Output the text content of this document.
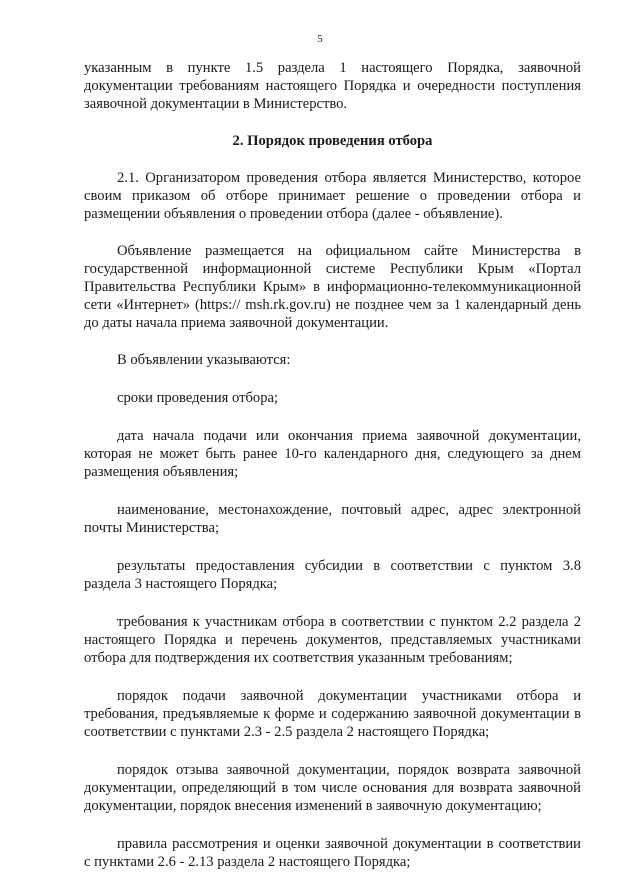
5

указанным в пункте 1.5 раздела 1 настоящего Порядка, заявочной документации требованиям настоящего Порядка и очередности поступления заявочной документации в Министерство.

2. Порядок проведения отбора

2.1. Организатором проведения отбора является Министерство, которое своим приказом об отборе принимает решение о проведении отбора и размещении объявления о проведении отбора (далее - объявление).

Объявление размещается на официальном сайте Министерства в государственной информационной системе Республики Крым «Портал Правительства Республики Крым» в информационно-телекоммуникационной сети «Интернет» (https:// msh.rk.gov.ru) не позднее чем за 1 календарный день до даты начала приема заявочной документации.

В объявлении указываются:

сроки проведения отбора;

дата начала подачи или окончания приема заявочной документации, которая не может быть ранее 10-го календарного дня, следующего за днем размещения объявления;

наименование, местонахождение, почтовый адрес, адрес электронной почты Министерства;

результаты предоставления субсидии в соответствии с пунктом 3.8 раздела 3 настоящего Порядка;

требования к участникам отбора в соответствии с пунктом 2.2 раздела 2 настоящего Порядка и перечень документов, представляемых участниками отбора для подтверждения их соответствия указанным требованиям;

порядок подачи заявочной документации участниками отбора и требования, предъявляемые к форме и содержанию заявочной документации в соответствии с пунктами 2.3 - 2.5 раздела 2 настоящего Порядка;

порядок отзыва заявочной документации, порядок возврата заявочной документации, определяющий в том числе основания для возврата заявочной документации, порядок внесения изменений в заявочную документацию;

правила рассмотрения и оценки заявочной документации в соответствии с пунктами 2.6 - 2.13 раздела 2 настоящего Порядка;
